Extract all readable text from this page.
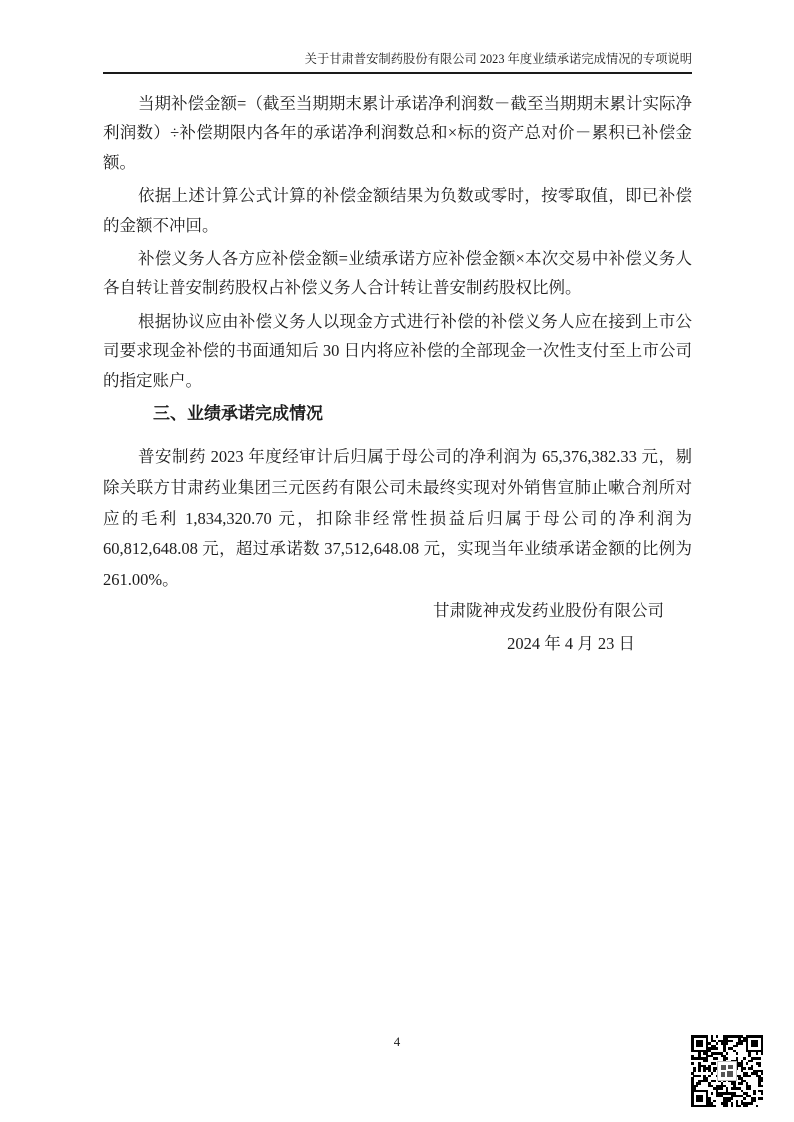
关于甘肃普安制药股份有限公司 2023 年度业绩承诺完成情况的专项说明

当期补偿金额=（截至当期期末累计承诺净利润数－截至当期期末累计实际净利润数）÷补偿期限内各年的承诺净利润数总和×标的资产总对价－累积已补偿金额。

依据上述计算公式计算的补偿金额结果为负数或零时，按零取值，即已补偿的金额不冲回。

补偿义务人各方应补偿金额=业绩承诺方应补偿金额×本次交易中补偿义务人各自转让普安制药股权占补偿义务人合计转让普安制药股权比例。

根据协议应由补偿义务人以现金方式进行补偿的补偿义务人应在接到上市公司要求现金补偿的书面通知后 30 日内将应补偿的全部现金一次性支付至上市公司的指定账户。

三、业绩承诺完成情况

普安制药 2023 年度经审计后归属于母公司的净利润为 65,376,382.33 元，剔除关联方甘肃药业集团三元医药有限公司未最终实现对外销售宣肺止嗽合剂所对应的毛利 1,834,320.70 元，扣除非经常性损益后归属于母公司的净利润为 60,812,648.08 元，超过承诺数 37,512,648.08 元，实现当年业绩承诺金额的比例为 261.00%。

甘肃陇神戎发药业股份有限公司

2024 年 4 月 23 日

4
